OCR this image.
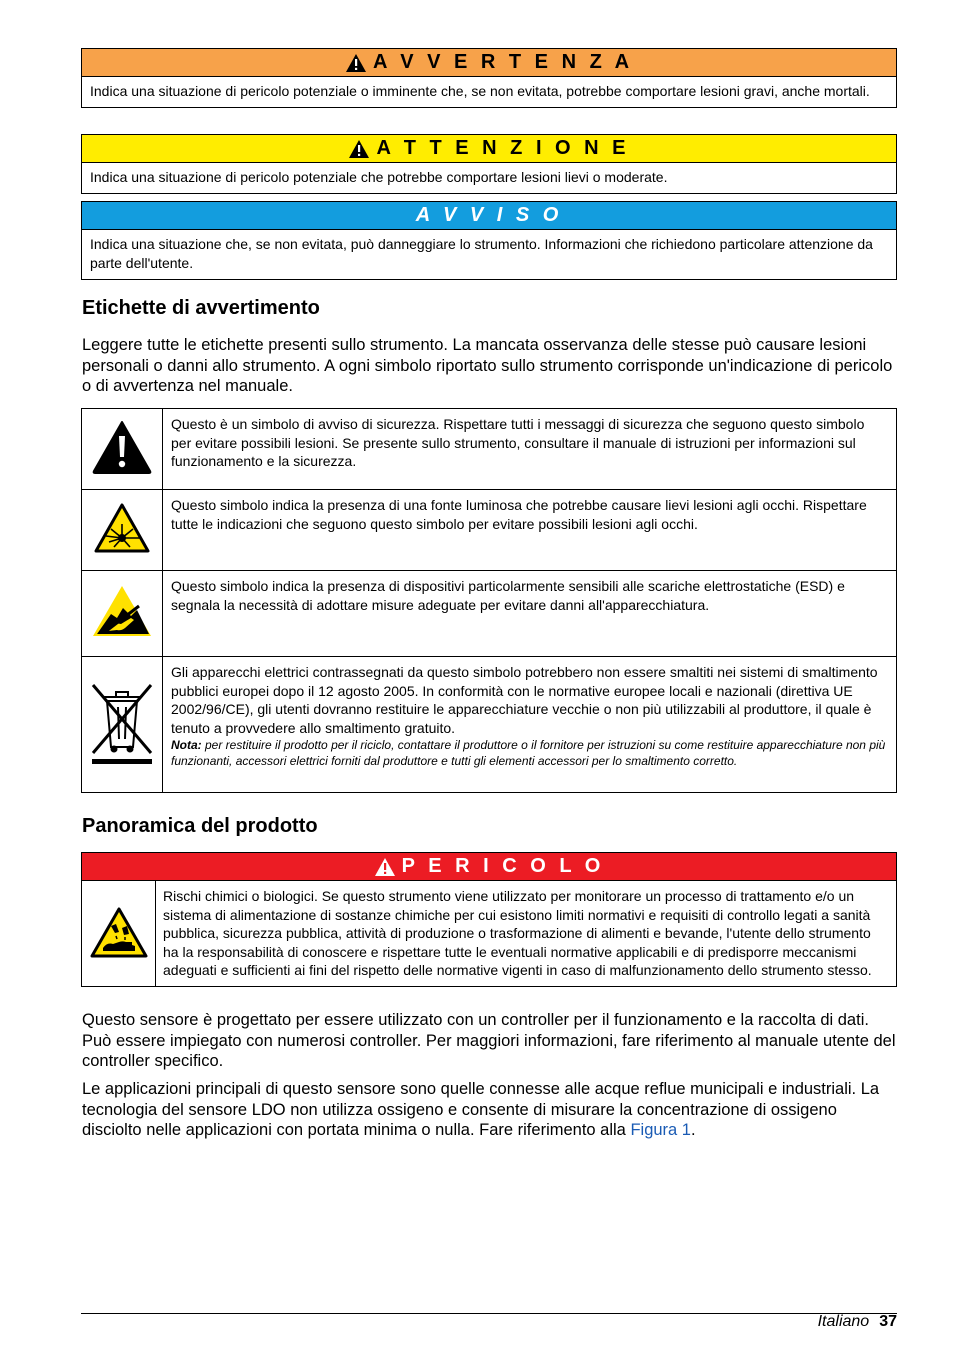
A V V E R T E N Z A
Indica una situazione di pericolo potenziale o imminente che, se non evitata, potrebbe comportare lesioni gravi, anche mortali.
A T T E N Z I O N E
Indica una situazione di pericolo potenziale che potrebbe comportare lesioni lievi o moderate.
A V V I S O
Indica una situazione che, se non evitata, può danneggiare lo strumento. Informazioni che richiedono particolare attenzione da parte dell'utente.
Etichette di avvertimento

Leggere tutte le etichette presenti sullo strumento. La mancata osservanza delle stesse può causare lesioni personali o danni allo strumento. A ogni simbolo riportato sullo strumento corrisponde un'indicazione di pericolo o di avvertenza nel manuale.

	Questo è un simbolo di avviso di sicurezza. Rispettare tutti i messaggi di sicurezza che seguono questo simbolo per evitare possibili lesioni. Se presente sullo strumento, consultare il manuale di istruzioni per informazioni sul funzionamento e la sicurezza.
	Questo simbolo indica la presenza di una fonte luminosa che potrebbe causare lievi lesioni agli occhi. Rispettare tutte le indicazioni che seguono questo simbolo per evitare possibili lesioni agli occhi.
	Questo simbolo indica la presenza di dispositivi particolarmente sensibili alle scariche elettrostatiche (ESD) e segnala la necessità di adottare misure adeguate per evitare danni all'apparecchiatura.

Gli apparecchi elettrici contrassegnati da questo simbolo potrebbero non essere smaltiti nei sistemi di smaltimento pubblici europei dopo il 12 agosto 2005. In conformità con le normative europee locali e nazionali (direttiva UE 2002/96/CE), gli utenti dovranno restituire le apparecchiature vecchie o non più utilizzabili al produttore, il quale è tenuto a provvedere allo smaltimento gratuito.
Nota: per restituire il prodotto per il riciclo, contattare il produttore o il fornitore per istruzioni su come restituire apparecchiature non più funzionanti, accessori elettrici forniti dal produttore e tutti gli elementi accessori per lo smaltimento corretto.
Panoramica del prodotto
P E R I C O L O
Rischi chimici o biologici. Se questo strumento viene utilizzato per monitorare un processo di trattamento e/o un sistema di alimentazione di sostanze chimiche per cui esistono limiti normativi e requisiti di controllo legati a sanità pubblica, sicurezza pubblica, attività di produzione o trasformazione di alimenti e bevande, l'utente dello strumento ha la responsabilità di conoscere e rispettare tutte le eventuali normative applicabili e di predisporre meccanismi adeguati e sufficienti ai fini del rispetto delle normative vigenti in caso di malfunzionamento dello strumento stesso.

Questo sensore è progettato per essere utilizzato con un controller per il funzionamento e la raccolta di dati. Può essere impiegato con numerosi controller. Per maggiori informazioni, fare riferimento al manuale utente del controller specifico.

Le applicazioni principali di questo sensore sono quelle connesse alle acque reflue municipali e industriali. La tecnologia del sensore LDO non utilizza ossigeno e consente di misurare la concentrazione di ossigeno disciolto nelle applicazioni con portata minima o nulla. Fare riferimento alla Figura 1.

Italiano 37
